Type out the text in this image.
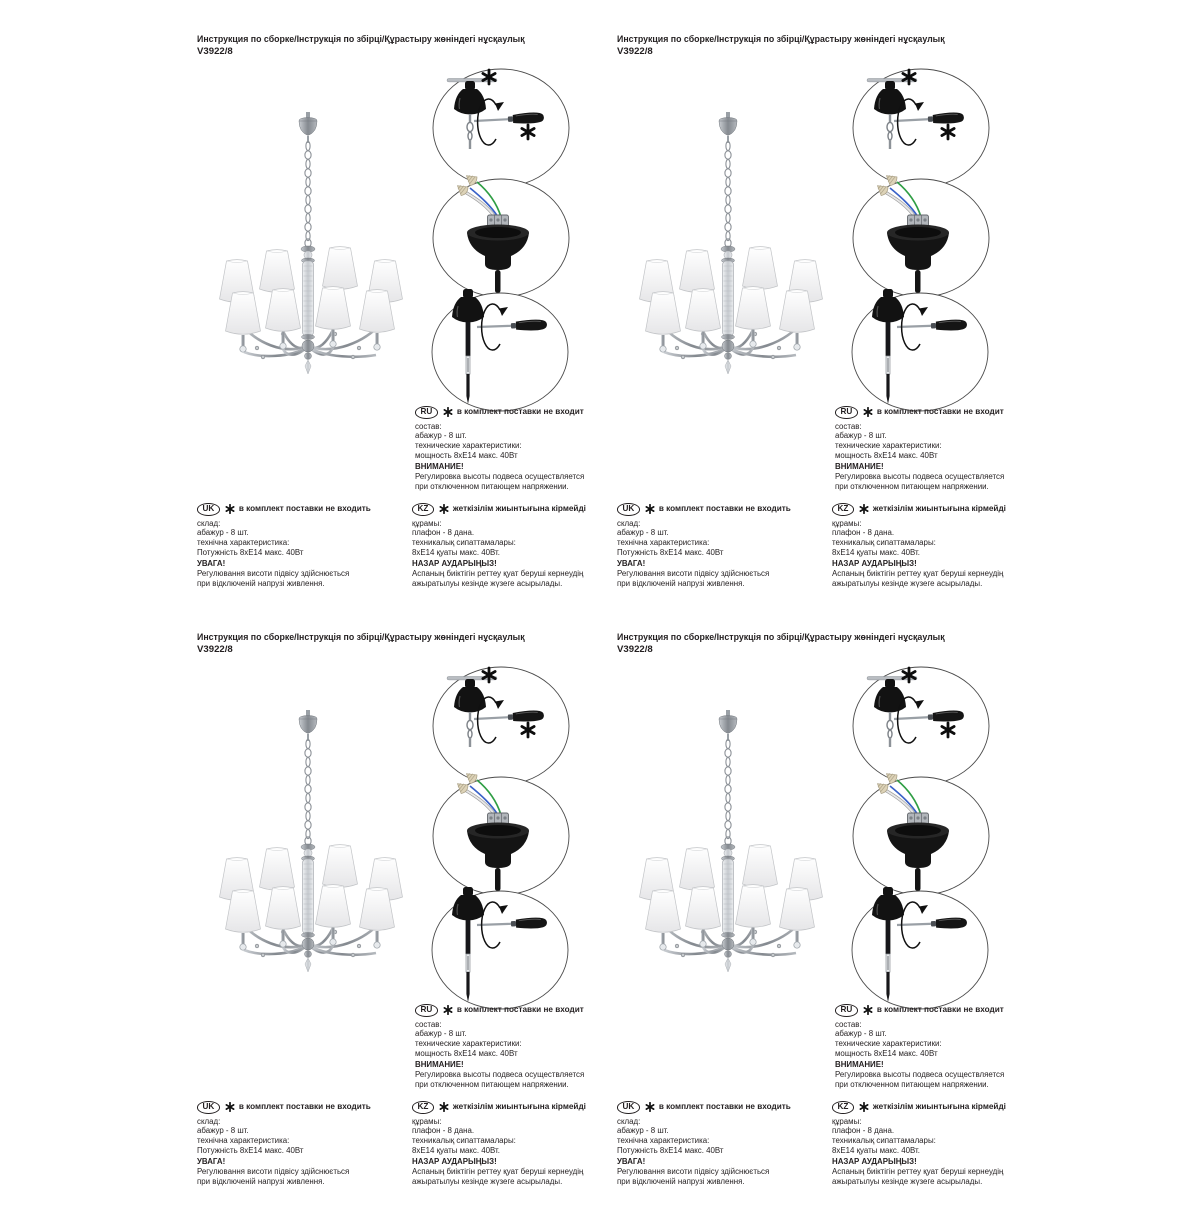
Инструкция по сборке/Інструкція по збірці/Құрастыру жөніндегі нұсқаулық
V3922/8
RU	в комплект поставки не входит
состав:
абажур - 8 шт.
технические характеристики:
мощность 8хЕ14 макс. 40Вт
ВНИМАНИЕ!
Регулировка высоты подвеса осуществляется
при отключенном питающем напряжении.
UK	в комплект поставки не входить
склад:
абажур - 8 шт.
технічна характеристика:
Потужність 8хЕ14 макс. 40Вт
УВАГА!
Регулювання висоти підвісу здійснюється
при відключеній напрузі живлення.
KZ	жеткізілім жиынтығына кірмейді
құрамы:
плафон - 8 дана.
техникалық сипаттамалары:
8хЕ14 қуаты макс. 40Вт.
НАЗАР АУДАРЫҢЫЗ!
Аспаның биіктігін реттеу қуат беруші кернеудің
ажыратылуы кезінде жүзеге асырылады.
Инструкция по сборке/Інструкція по збірці/Құрастыру жөніндегі нұсқаулық
V3922/8
RU	в комплект поставки не входит
состав:
абажур - 8 шт.
технические характеристики:
мощность 8хЕ14 макс. 40Вт
ВНИМАНИЕ!
Регулировка высоты подвеса осуществляется
при отключенном питающем напряжении.
UK	в комплект поставки не входить
склад:
абажур - 8 шт.
технічна характеристика:
Потужність 8хЕ14 макс. 40Вт
УВАГА!
Регулювання висоти підвісу здійснюється
при відключеній напрузі живлення.
KZ	жеткізілім жиынтығына кірмейді
құрамы:
плафон - 8 дана.
техникалық сипаттамалары:
8хЕ14 қуаты макс. 40Вт.
НАЗАР АУДАРЫҢЫЗ!
Аспаның биіктігін реттеу қуат беруші кернеудің
ажыратылуы кезінде жүзеге асырылады.
Инструкция по сборке/Інструкція по збірці/Құрастыру жөніндегі нұсқаулық
V3922/8
RU	в комплект поставки не входит
состав:
абажур - 8 шт.
технические характеристики:
мощность 8хЕ14 макс. 40Вт
ВНИМАНИЕ!
Регулировка высоты подвеса осуществляется
при отключенном питающем напряжении.
UK	в комплект поставки не входить
склад:
абажур - 8 шт.
технічна характеристика:
Потужність 8хЕ14 макс. 40Вт
УВАГА!
Регулювання висоти підвісу здійснюється
при відключеній напрузі живлення.
KZ	жеткізілім жиынтығына кірмейді
құрамы:
плафон - 8 дана.
техникалық сипаттамалары:
8хЕ14 қуаты макс. 40Вт.
НАЗАР АУДАРЫҢЫЗ!
Аспаның биіктігін реттеу қуат беруші кернеудің
ажыратылуы кезінде жүзеге асырылады.
Инструкция по сборке/Інструкція по збірці/Құрастыру жөніндегі нұсқаулық
V3922/8
RU	в комплект поставки не входит
состав:
абажур - 8 шт.
технические характеристики:
мощность 8хЕ14 макс. 40Вт
ВНИМАНИЕ!
Регулировка высоты подвеса осуществляется
при отключенном питающем напряжении.
UK	в комплект поставки не входить
склад:
абажур - 8 шт.
технічна характеристика:
Потужність 8хЕ14 макс. 40Вт
УВАГА!
Регулювання висоти підвісу здійснюється
при відключеній напрузі живлення.
KZ	жеткізілім жиынтығына кірмейді
құрамы:
плафон - 8 дана.
техникалық сипаттамалары:
8хЕ14 қуаты макс. 40Вт.
НАЗАР АУДАРЫҢЫЗ!
Аспаның биіктігін реттеу қуат беруші кернеудің
ажыратылуы кезінде жүзеге асырылады.
